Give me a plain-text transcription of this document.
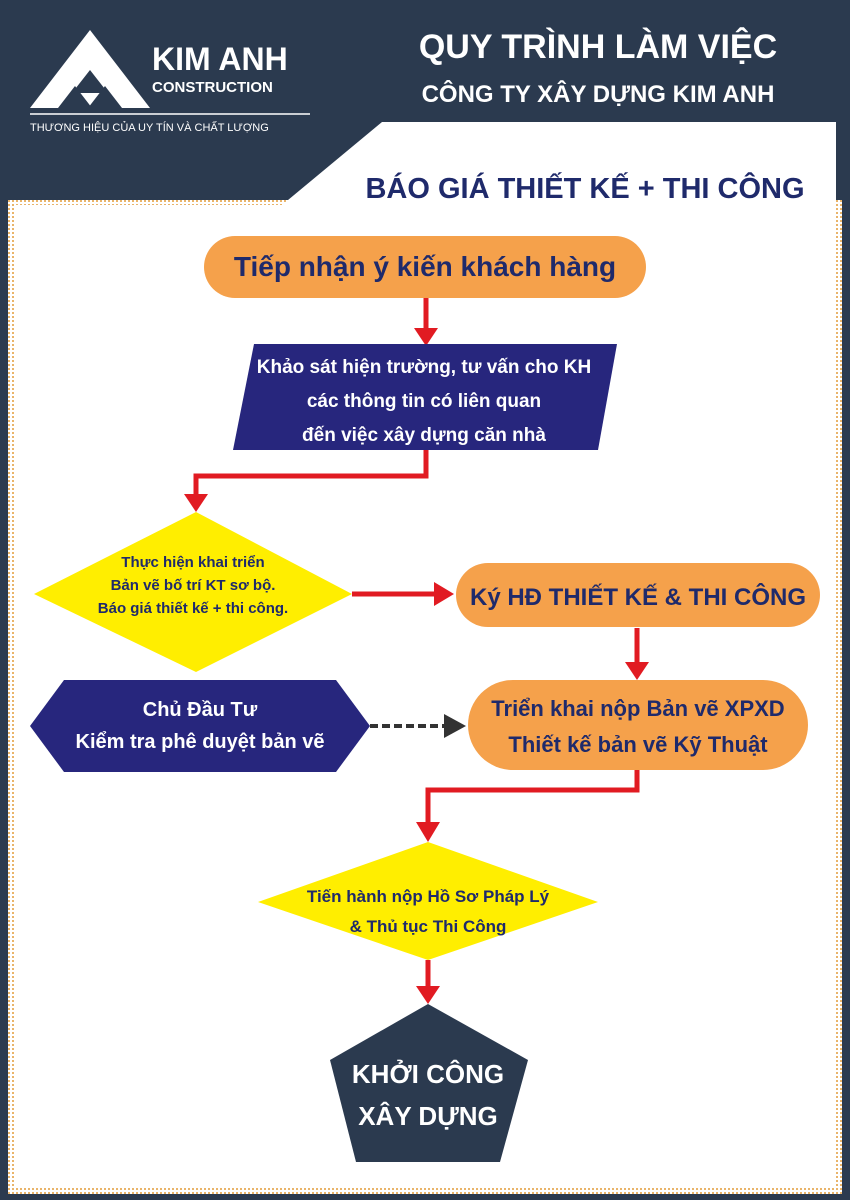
KIM ANH
CONSTRUCTION
THƯƠNG HIỆU CỦA UY TÍN VÀ CHẤT LƯỢNG
QUY TRÌNH LÀM VIỆC
CÔNG TY XÂY DỰNG KIM ANH
BÁO GIÁ THIẾT KẾ + THI CÔNG
Tiếp nhận ý kiến khách hàng
Khảo sát hiện trường, tư vấn cho KH
các thông tin có liên quan
đến việc xây dựng căn nhà
Thực hiện khai triển
Bản vẽ bố trí KT sơ bộ.
Báo giá thiết kế + thi công.	Ký HĐ THIẾT KẾ & THI CÔNG
Chủ Đầu Tư
Kiểm tra phê duyệt bản vẽ
Triển khai nộp Bản vẽ XPXD
Thiết kế bản vẽ Kỹ Thuật
Tiến hành nộp Hồ Sơ Pháp Lý
& Thủ tục Thi Công
KHỞI CÔNG
XÂY DỰNG
